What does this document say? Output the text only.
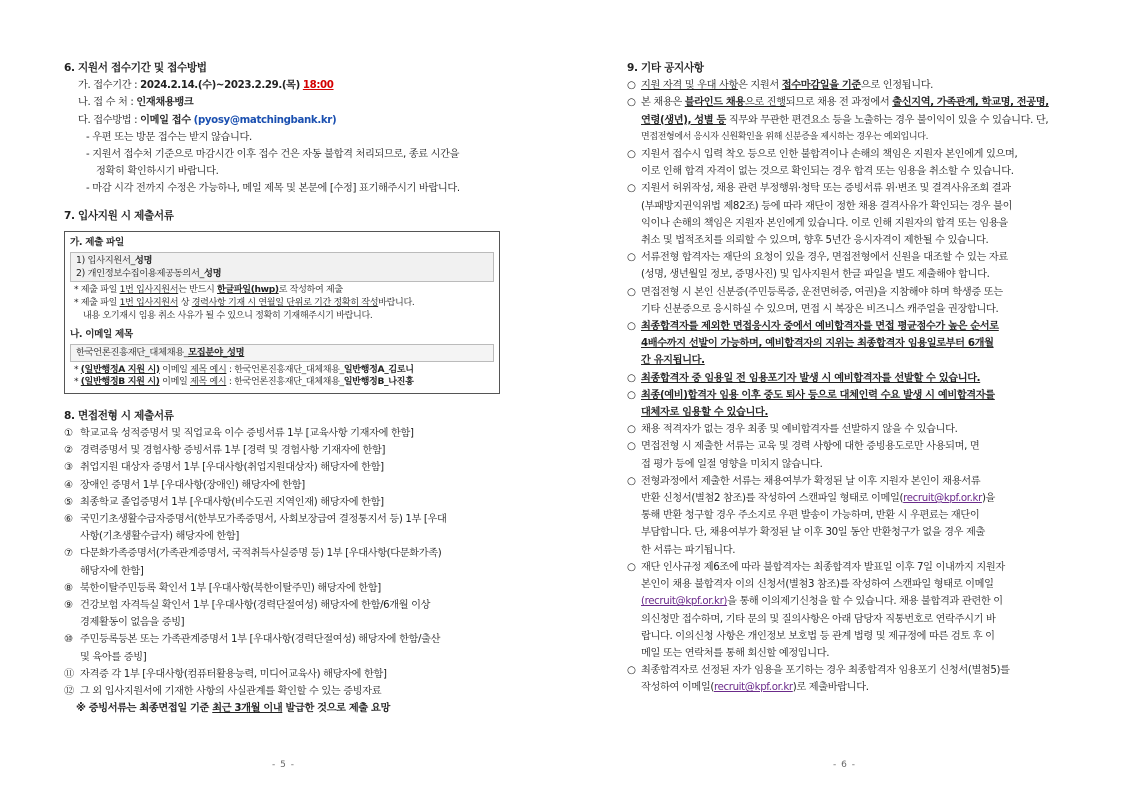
6. 지원서 접수기간 및 접수방법

가. 접수기간 : 2024.2.14.(수)~2023.2.29.(목) 18:00
나. 접 수 처 : 인재채용뱅크
다. 접수방법 : 이메일 접수 (pyosy@matchingbank.kr)
- 우편 또는 방문 접수는 받지 않습니다.
- 지원서 접수처 기준으로 마감시간 이후 접수 건은 자동 불합격 처리되므로, 종료 시간을
정확히 확인하시기 바랍니다.
- 마감 시각 전까지 수정은 가능하나, 메일 제목 및 본문에 [수정] 표기해주시기 바랍니다.

7. 입사지원 시 제출서류

가. 제출 파일
1) 입사지원서_성명
2) 개인정보수집이용제공동의서_성명
* 제출 파일 1번 입사지원서는 반드시 한글파일(hwp)로 작성하여 제출
* 제출 파일 1번 입사지원서 상 경력사항 기재 시 연월일 단위로 기간 정확히 작성바랍니다.
내용 오기재시 임용 취소 사유가 될 수 있으니 정확히 기재해주시기 바랍니다.
나. 이메일 제목
한국언론진흥재단_대체채용_모집분야_성명
* (일반행정A 지원 시) 이메일 제목 예시 : 한국언론진흥재단_대체채용_일반행정A_김로니
* (일반행정B 지원 시) 이메일 제목 예시 : 한국언론진흥재단_대체채용_일반행정B_나진홍

8. 면접전형 시 제출서류

① 학교교육 성적증명서 및 직업교육 이수 증빙서류 1부 [교육사항 기재자에 한함]
② 경력증명서 및 경험사항 증빙서류 1부 [경력 및 경험사항 기재자에 한함]
③ 취업지원 대상자 증명서 1부 [우대사항(취업지원대상자) 해당자에 한함]
④ 장애인 증명서 1부 [우대사항(장애인) 해당자에 한함]
⑤ 최종학교 졸업증명서 1부 [우대사항(비수도권 지역인재) 해당자에 한함]
⑥ 국민기초생활수급자증명서(한부모가족증명서, 사회보장급여 결정통지서 등) 1부 [우대
사항(기초생활수급자) 해당자에 한함]
⑦ 다문화가족증명서(가족관계증명서, 국적취득사실증명 등) 1부 [우대사항(다문화가족)
해당자에 한함]
⑧ 북한이탈주민등록 확인서 1부 [우대사항(북한이탈주민) 해당자에 한함]
⑨ 건강보험 자격득실 확인서 1부 [우대사항(경력단절여성) 해당자에 한함/6개월 이상
경제활동이 없음을 증빙]
⑩ 주민등록등본 또는 가족관계증명서 1부 [우대사항(경력단절여성) 해당자에 한함/출산
및 육아를 증빙]
⑪ 자격증 각 1부 [우대사항(컴퓨터활용능력, 미디어교육사) 해당자에 한함]
⑫ 그 외 입사지원서에 기재한 사항의 사실관계를 확인할 수 있는 증빙자료
※ 증빙서류는 최종면접일 기준 최근 3개월 이내 발급한 것으로 제출 요망
- 5 -

9. 기타 공지사항

○ 지원 자격 및 우대 사항은 지원서 접수마감일을 기준으로 인정됩니다.
○ 본 채용은 블라인드 채용으로 진행되므로 채용 전 과정에서 출신지역, 가족관계, 학교명, 전공명,
연령(생년), 성별 등 직무와 무관한 편견요소 등을 노출하는 경우 불이익이 있을 수 있습니다. 단,
면접전형에서 응시자 신원확인을 위해 신분증을 제시하는 경우는 예외입니다.
○ 지원서 접수시 입력 착오 등으로 인한 불합격이나 손해의 책임은 지원자 본인에게 있으며,
이로 인해 합격 자격이 없는 것으로 확인되는 경우 합격 또는 임용을 취소할 수 있습니다.
○ 지원서 허위작성, 채용 관련 부정행위·청탁 또는 증빙서류 위·변조 및 결격사유조회 결과
(부패방지권익위법 제82조) 등에 따라 재단이 정한 채용 결격사유가 확인되는 경우 불이
익이나 손해의 책임은 지원자 본인에게 있습니다. 이로 인해 지원자의 합격 또는 임용을
취소 및 법적조치를 의뢰할 수 있으며, 향후 5년간 응시자격이 제한될 수 있습니다.
○ 서류전형 합격자는 재단의 요청이 있을 경우, 면접전형에서 신원을 대조할 수 있는 자료
(성명, 생년월일 정보, 증명사진) 및 입사지원서 한글 파일을 별도 제출해야 합니다.
○ 면접전형 시 본인 신분증(주민등록증, 운전면허증, 여권)을 지참해야 하며 학생증 또는
기타 신분증으로 응시하실 수 있으며, 면접 시 복장은 비즈니스 캐주얼을 권장합니다.
○ 최종합격자를 제외한 면접응시자 중에서 예비합격자를 면접 평균점수가 높은 순서로
4배수까지 선발이 가능하며, 예비합격자의 지위는 최종합격자 임용일로부터 6개월
간 유지됩니다.
○ 최종합격자 중 임용일 전 임용포기자 발생 시 예비합격자를 선발할 수 있습니다.
○ 최종(예비)합격자 임용 이후 중도 퇴사 등으로 대체인력 수요 발생 시 예비합격자를
대체자로 임용할 수 있습니다.
○ 채용 적격자가 없는 경우 최종 및 예비합격자를 선발하지 않을 수 있습니다.
○ 면접전형 시 제출한 서류는 교육 및 경력 사항에 대한 증빙용도로만 사용되며, 면
접 평가 등에 일절 영향을 미치지 않습니다.
○ 전형과정에서 제출한 서류는 채용여부가 확정된 날 이후 지원자 본인이 채용서류
반환 신청서(별첨2 참조)를 작성하여 스캔파일 형태로 이메일(recruit@kpf.or.kr)을
통해 반환 청구할 경우 주소지로 우편 발송이 가능하며, 반환 시 우편료는 재단이
부담합니다. 단, 채용여부가 확정된 날 이후 30일 동안 반환청구가 없을 경우 제출
한 서류는 파기됩니다.
○ 재단 인사규정 제6조에 따라 불합격자는 최종합격자 발표일 이후 7일 이내까지 지원자
본인이 채용 불합격자 이의 신청서(별첨3 참조)를 작성하여 스캔파일 형태로 이메일
(recruit@kpf.or.kr)을 통해 이의제기신청을 할 수 있습니다. 채용 불합격과 관련한 이
의신청만 접수하며, 기타 문의 및 질의사항은 아래 담당자 직통번호로 연락주시기 바
랍니다. 이의신청 사항은 개인정보 보호법 등 관계 법령 및 제규정에 따른 검토 후 이
메일 또는 연락처를 통해 회신할 예정입니다.
○ 최종합격자로 선정된 자가 임용을 포기하는 경우 최종합격자 임용포기 신청서(별첨5)를
작성하여 이메일(recruit@kpf.or.kr)로 제출바랍니다.
- 6 -
